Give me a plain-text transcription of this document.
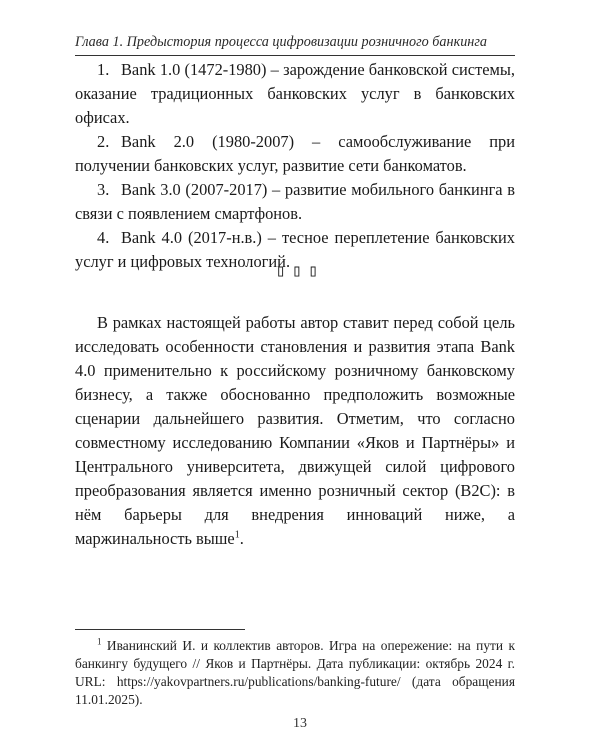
Глава 1. Предыстория процесса цифровизации розничного банкинга
1. Bank 1.0 (1472-1980) – зарождение банковской системы, оказание традиционных банковских услуг в банковских офисах.
2. Bank 2.0 (1980-2007) – самообслуживание при получении банковских услуг, развитие сети банкоматов.
3. Bank 3.0 (2007-2017) – развитие мобильного банкинга в связи с появлением смартфонов.
4. Bank 4.0 (2017-н.в.) – тесное переплетение банковских услуг и цифровых технологий.
▯▯▯

В рамках настоящей работы автор ставит перед собой цель исследовать особенности становления и развития этапа Bank 4.0 применительно к российскому розничному банковскому бизнесу, а также обоснованно предположить возможные сценарии дальнейшего развития. Отметим, что согласно совместному исследованию Компании «Яков и Партнёры» и Центрального университета, движущей силой цифрового преобразования является именно розничный сектор (B2C): в нём барьеры для внедрения инноваций ниже, а маржинальность выше$^1$.

$^1$ Иванинский И. и коллектив авторов. Игра на опережение: на пути к банкингу будущего // Яков и Партнёры. Дата публикации: октябрь 2024 г. URL: https://yakovpartners.ru/publications/banking-future/ (дата обращения 11.01.2025).

13
